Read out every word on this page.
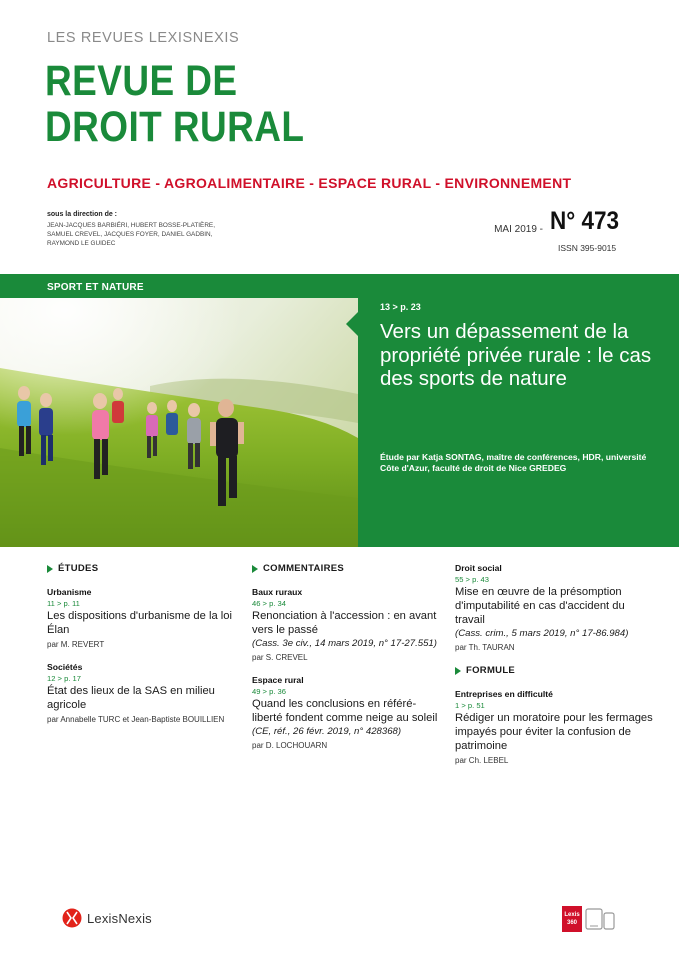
LES REVUES LEXISNEXIS
REVUE DE
DROIT RURAL
AGRICULTURE - AGROALIMENTAIRE - ESPACE RURAL - ENVIRONNEMENT
sous la direction de :
JEAN-JACQUES BARBIÉRI, HUBERT BOSSE-PLATIÈRE, SAMUEL CREVEL, JACQUES FOYER, DANIEL GADBIN, RAYMOND LE GUIDEC
MAI 2019 - N° 473
ISSN 395-9015
SPORT ET NATURE
13 > p. 23
Vers un dépassement de la propriété privée rurale : le cas des sports de nature
Étude par Katja SONTAG, maître de conférences, HDR, université Côte d'Azur, faculté de droit de Nice GREDEG
ÉTUDES
Urbanisme
11 > p. 11
Les dispositions d'urbanisme de la loi Élan
par M. REVERT
Sociétés
12 > p. 17
État des lieux de la SAS en milieu agricole
par Annabelle TURC et Jean-Baptiste BOUILLIEN
COMMENTAIRES
Baux ruraux
46 > p. 34
Renonciation à l'accession : en avant vers le passé
(Cass. 3e civ., 14 mars 2019, n° 17-27.551)
par S. CREVEL
Espace rural
49 > p. 36
Quand les conclusions en référé-liberté fondent comme neige au soleil
(CE, réf., 26 févr. 2019, n° 428368)
par D. LOCHOUARN
Droit social
55 > p. 43
Mise en œuvre de la présomption d'imputabilité en cas d'accident du travail
(Cass. crim., 5 mars 2019, n° 17-86.984)
par Th. TAURAN
FORMULE
Entreprises en difficulté
1 > p. 51
Rédiger un moratoire pour les fermages impayés pour éviter la confusion de patrimoine
par Ch. LEBEL
LexisNexis	Lexis
360
